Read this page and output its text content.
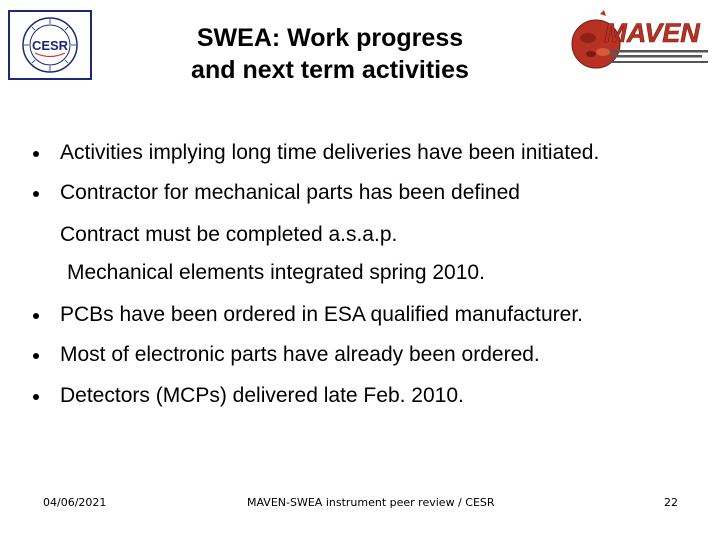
CESR	SWEA: Work progress
and next term activities
MAVEN
Activities implying long time deliveries have been initiated.
Contractor for mechanical parts has been defined
Contract must be completed a.s.a.p.
Mechanical elements integrated spring 2010.
PCBs have been ordered in ESA qualified manufacturer.
Most of electronic parts have already been ordered.
Detectors (MCPs) delivered late Feb. 2010.
04/06/2021	MAVEN-SWEA instrument peer review / CESR	22
